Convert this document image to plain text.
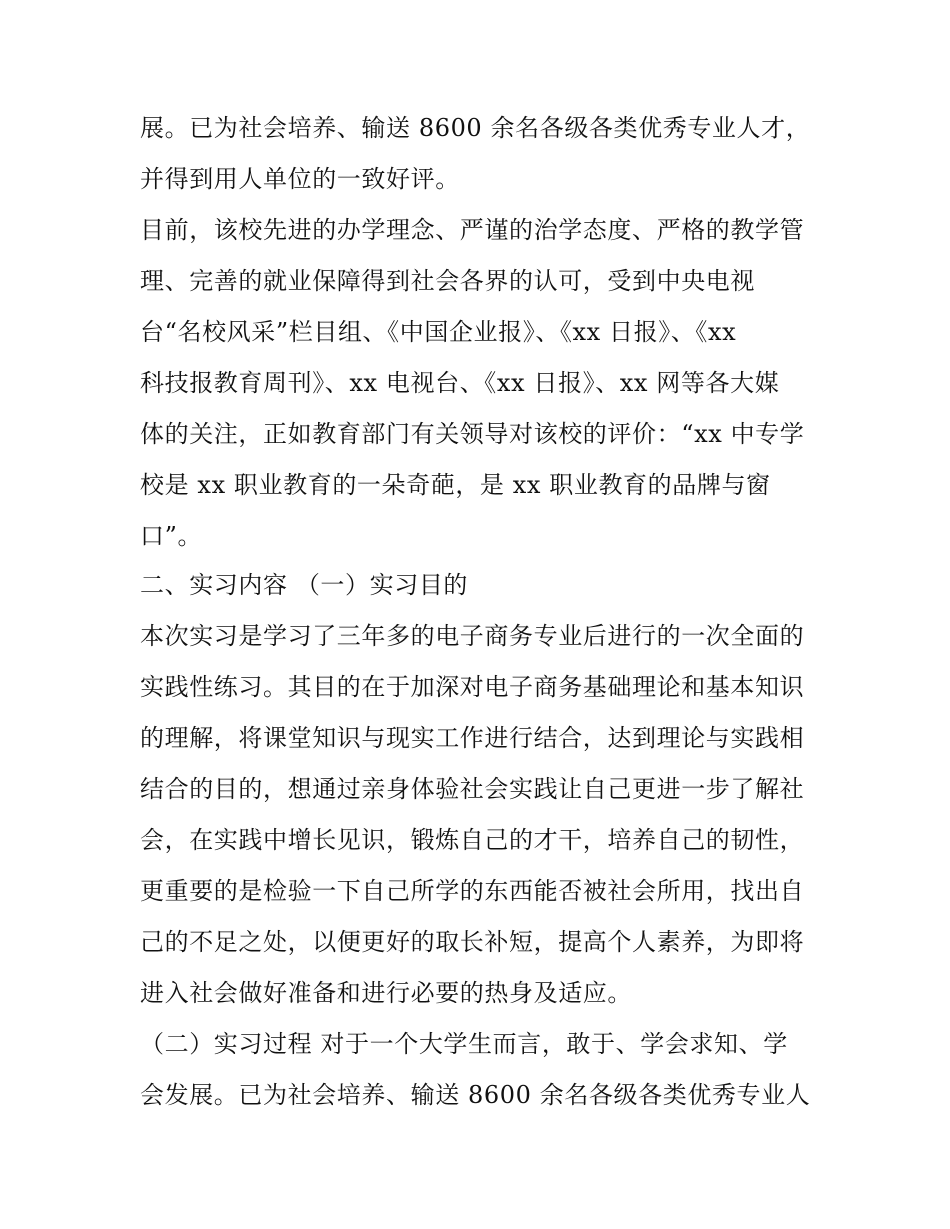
展。已为社会培养、输送 8600 余名各级各类优秀专业人才，
并得到用人单位的一致好评。
目前，该校先进的办学理念、严谨的治学态度、严格的教学管
理、完善的就业保障得到社会各界的认可，受到中央电视
台“名校风采”栏目组、《中国企业报》、《xx 日报》、《xx
科技报教育周刊》、xx 电视台、《xx 日报》、xx 网等各大媒
体的关注，正如教育部门有关领导对该校的评价：“xx 中专学
校是 xx 职业教育的一朵奇葩，是 xx 职业教育的品牌与窗
口”。
二、实习内容 （一）实习目的
本次实习是学习了三年多的电子商务专业后进行的一次全面的
实践性练习。其目的在于加深对电子商务基础理论和基本知识
的理解，将课堂知识与现实工作进行结合，达到理论与实践相
结合的目的，想通过亲身体验社会实践让自己更进一步了解社
会，在实践中增长见识，锻炼自己的才干，培养自己的韧性，
更重要的是检验一下自己所学的东西能否被社会所用，找出自
己的不足之处，以便更好的取长补短，提高个人素养，为即将
进入社会做好准备和进行必要的热身及适应。
（二）实习过程 对于一个大学生而言，敢于、学会求知、学
会发展。已为社会培养、输送 8600 余名各级各类优秀专业人
